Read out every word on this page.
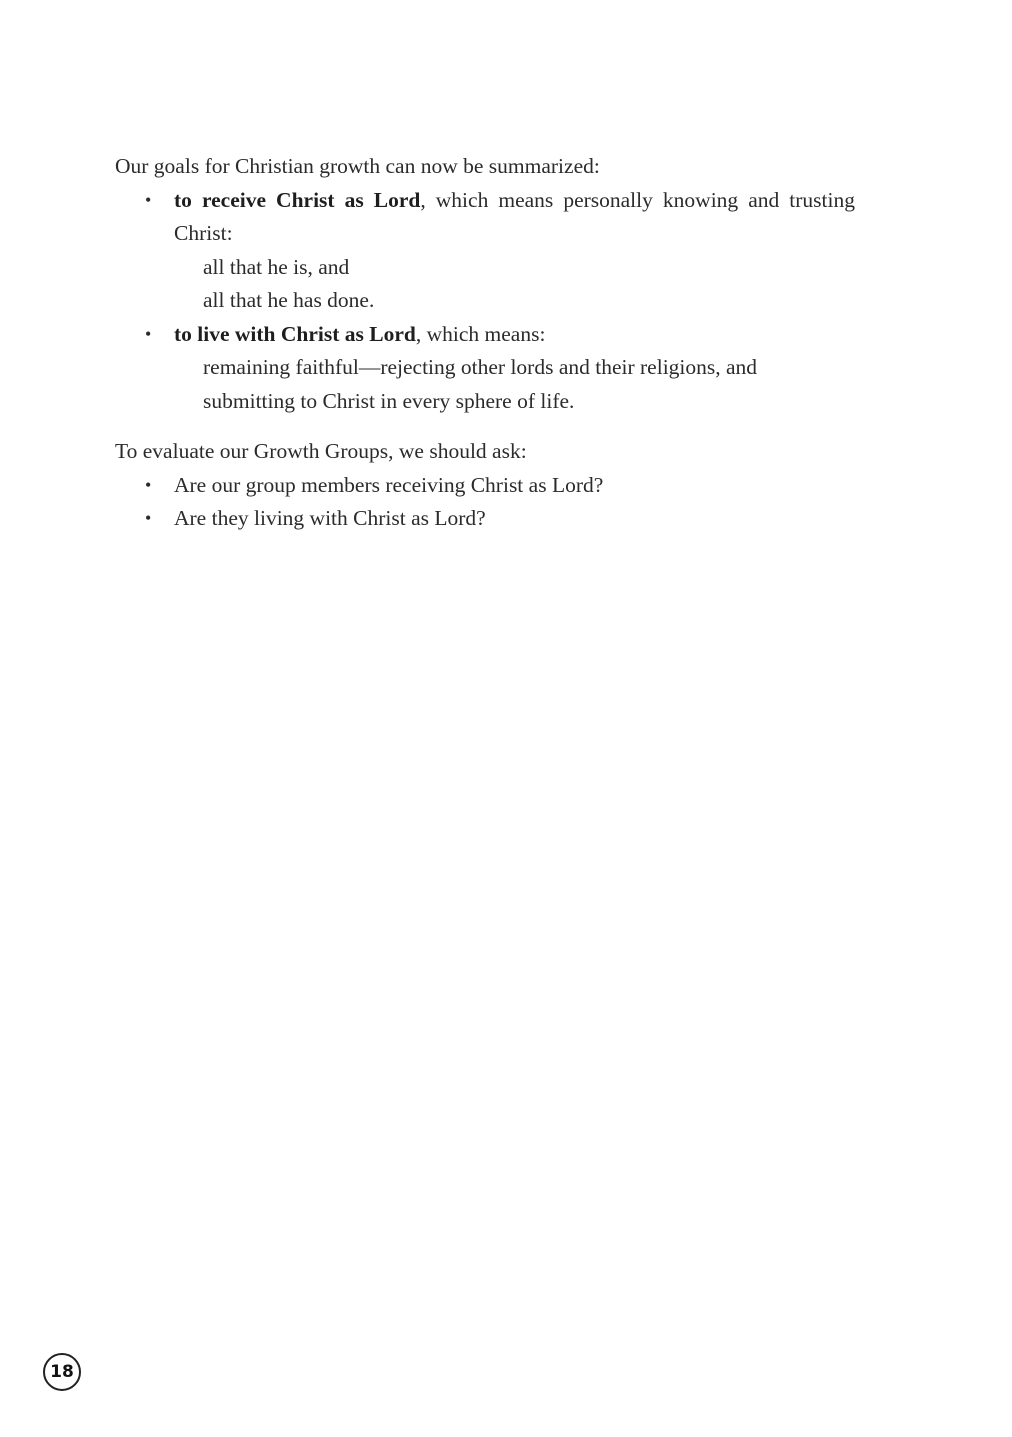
Our goals for Christian growth can now be summarized:

• to receive Christ as Lord, which means personally knowing and trusting Christ:
all that he is, and
all that he has done.
• to live with Christ as Lord, which means:
remaining faithful—rejecting other lords and their religions, and
submitting to Christ in every sphere of life.

To evaluate our Growth Groups, we should ask:

• Are our group members receiving Christ as Lord?
• Are they living with Christ as Lord?
18
